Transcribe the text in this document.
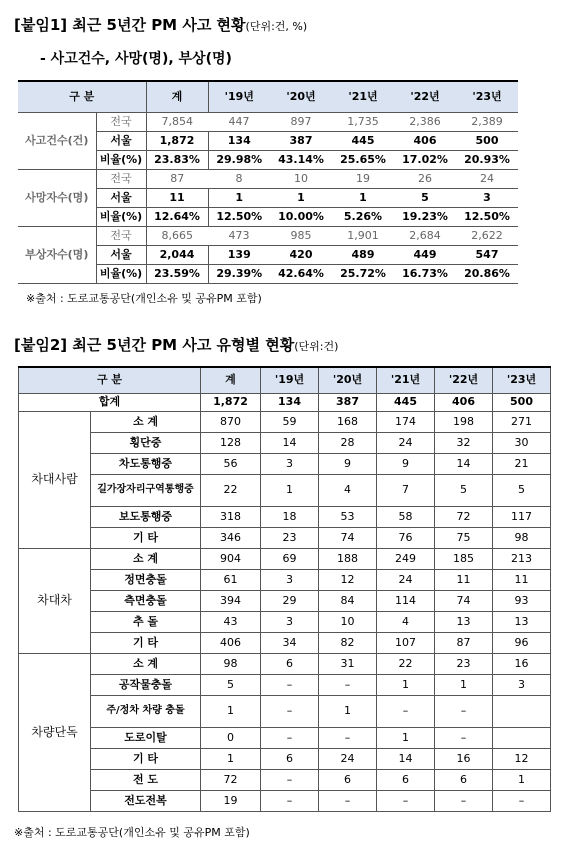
[붙임1] 최근 5년간 PM 사고 현황(단위:건, %)
- 사고건수, 사망(명), 부상(명)
구 분		계	'19년	'20년	'21년	'22년	'23년
사고건수(건)	전국	7,854	447	897	1,735	2,386	2,389
	서울	1,872	134	387	445	406	500
	비율(%)	23.83%	29.98%	43.14%	25.65%	17.02%	20.93%
사망자수(명)	전국	87	8	10	19	26	24
	서울	11	1	1	1	5	3
	비율(%)	12.64%	12.50%	10.00%	5.26%	19.23%	12.50%
부상자수(명)	전국	8,665	473	985	1,901	2,684	2,622
	서울	2,044	139	420	489	449	547
	비율(%)	23.59%	29.39%	42.64%	25.72%	16.73%	20.86%
※출처 : 도로교통공단(개인소유 및 공유PM 포함)
[붙임2] 최근 5년간 PM 사고 유형별 현황(단위:건)
구 분		계	'19년	'20년	'21년	'22년	'23년
합계		1,872	134	387	445	406	500
차대사람	소 계	870	59	168	174	198	271
	횡단중	128	14	28	24	32	30
	차도통행중	56	3	9	9	14	21
	길가장자리구역통행중	22	1	4	7	5	5
	보도통행중	318	18	53	58	72	117
	기 타	346	23	74	76	75	98
차대차	소 계	904	69	188	249	185	213
	정면충돌	61	3	12	24	11	11
	측면충돌	394	29	84	114	74	93
	추 돌	43	3	10	4	13	13
	기 타	406	34	82	107	87	96
차량단독	소 계	98	6	31	22	23	16
	공작물충돌	5	–	–	1	1	3
	주/정차 차량 충돌	1	–	1	–	–	
	도로이탈	0	–	–	1	–	
	기 타	1	6	24	14	16	12
	전 도	72	–	6	6	6	1
	전도전복	19	–	–	–	–	–
※출처 : 도로교통공단(개인소유 및 공유PM 포함)
